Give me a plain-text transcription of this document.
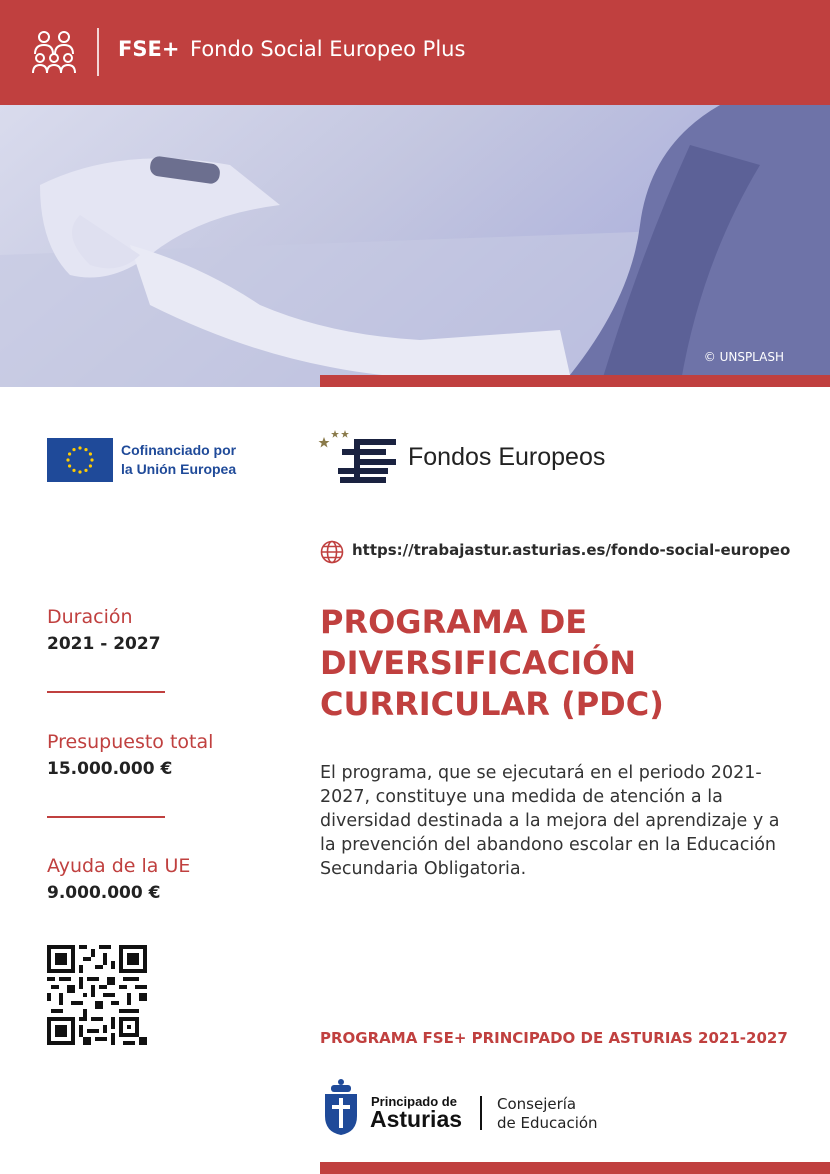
FSE+ Fondo Social Europeo Plus
© UNSPLASH
Cofinanciado por
la Unión Europea	Fondos Europeos
https://trabajastur.asturias.es/fondo-social-europeo
Duración
2021 - 2027
Presupuesto total
15.000.000 €
Ayuda de la UE
9.000.000 €
PROGRAMA DE
DIVERSIFICACIÓN
CURRICULAR (PDC)
El programa, que se ejecutará en el periodo 2021-2027, constituye una medida de atención a la diversidad destinada a la mejora del aprendizaje y a la prevención del abandono escolar en la Educación Secundaria Obligatoria.
PROGRAMA FSE+ PRINCIPADO DE ASTURIAS 2021-2027
Principado de
Asturias
Consejería
de Educación
